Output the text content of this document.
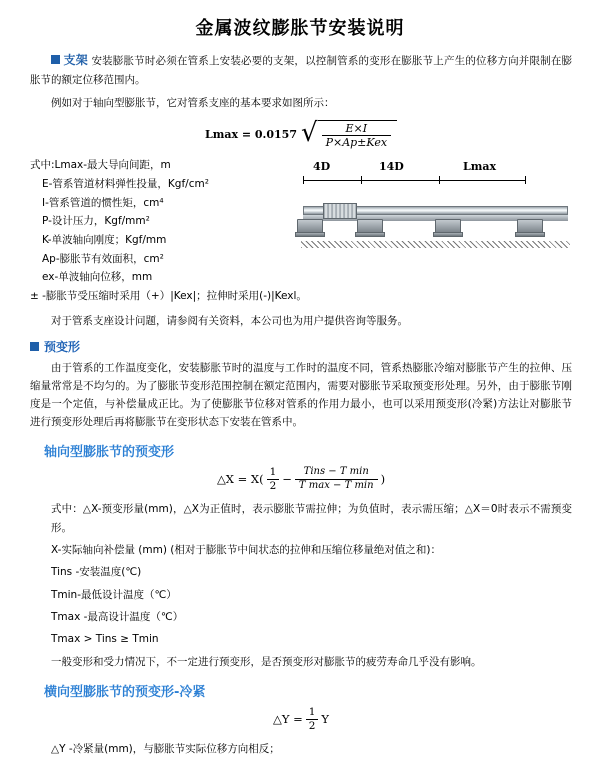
金属波纹膨胀节安装说明

支架 安装膨胀节时必须在管系上安装必要的支架，以控制管系的变形在膨胀节上产生的位移方向并限制在膨胀节的额定位移范围内。

例如对于轴向型膨胀节，它对管系支座的基本要求如图所示：

Lmax = 0.0157 √ $\frac{E\times I}{\text{P×Ap±Kex}}$
式中:Lmax-最大导向间距，m
E-管系管道材料弹性投量，Kgf/cm²
I-管系管道的惯性矩，cm⁴
P-设计压力，Kgf/mm²
K-单波轴向刚度；Kgf/mm
Ap-膨胀节有效面积，cm²
ex-单波轴向位移，mm
± -膨胀节受压缩时采用（+）|Kex|；拉伸时采用(-)|Kexl。
4D	14D	Lmax

对于管系支座设计问题，请参阅有关资料，本公司也为用户提供咨询等服务。

预变形

由于管系的工作温度变化，安装膨胀节时的温度与工作时的温度不同，管系热膨胀冷缩对膨胀节产生的拉伸、压缩量常常是不均匀的。为了膨胀节变形范围控制在额定范围内，需要对膨胀节采取预变形处理。另外，由于膨胀节刚度是一个定值，与补偿量成正比。为了使膨胀节位移对管系的作用力最小，也可以采用预变形(冷紧)方法让对膨胀节进行预变形处理后再将膨胀节在变形状态下安装在管系中。

轴向型膨胀节的预变形
△X = $X( \frac{1}{2} - \frac{\text{Tins − T min}}{\text{T max − T min}}$ )

式中：△X-预变形量(mm)，△X为正值时，表示膨胀节需拉伸；为负值时，表示需压缩；△X＝0时表示不需预变形。

X-实际轴向补偿量 (mm) (相对于膨胀节中间状态的拉伸和压缩位移量绝对值之和)：

Tins -安装温度(℃)

Tmin-最低设计温度（℃）

Tmax -最高设计温度（℃）

Tmax > Tins ≥ Tmin

一般变形和受力情况下，不一定进行预变形，是否预变形对膨胀节的疲劳寿命几乎没有影响。

横向型膨胀节的预变形-冷紧
△Y = $\frac{1}{2}$ Y

△Y -冷紧量(mm)，与膨胀节实际位移方向相反；
